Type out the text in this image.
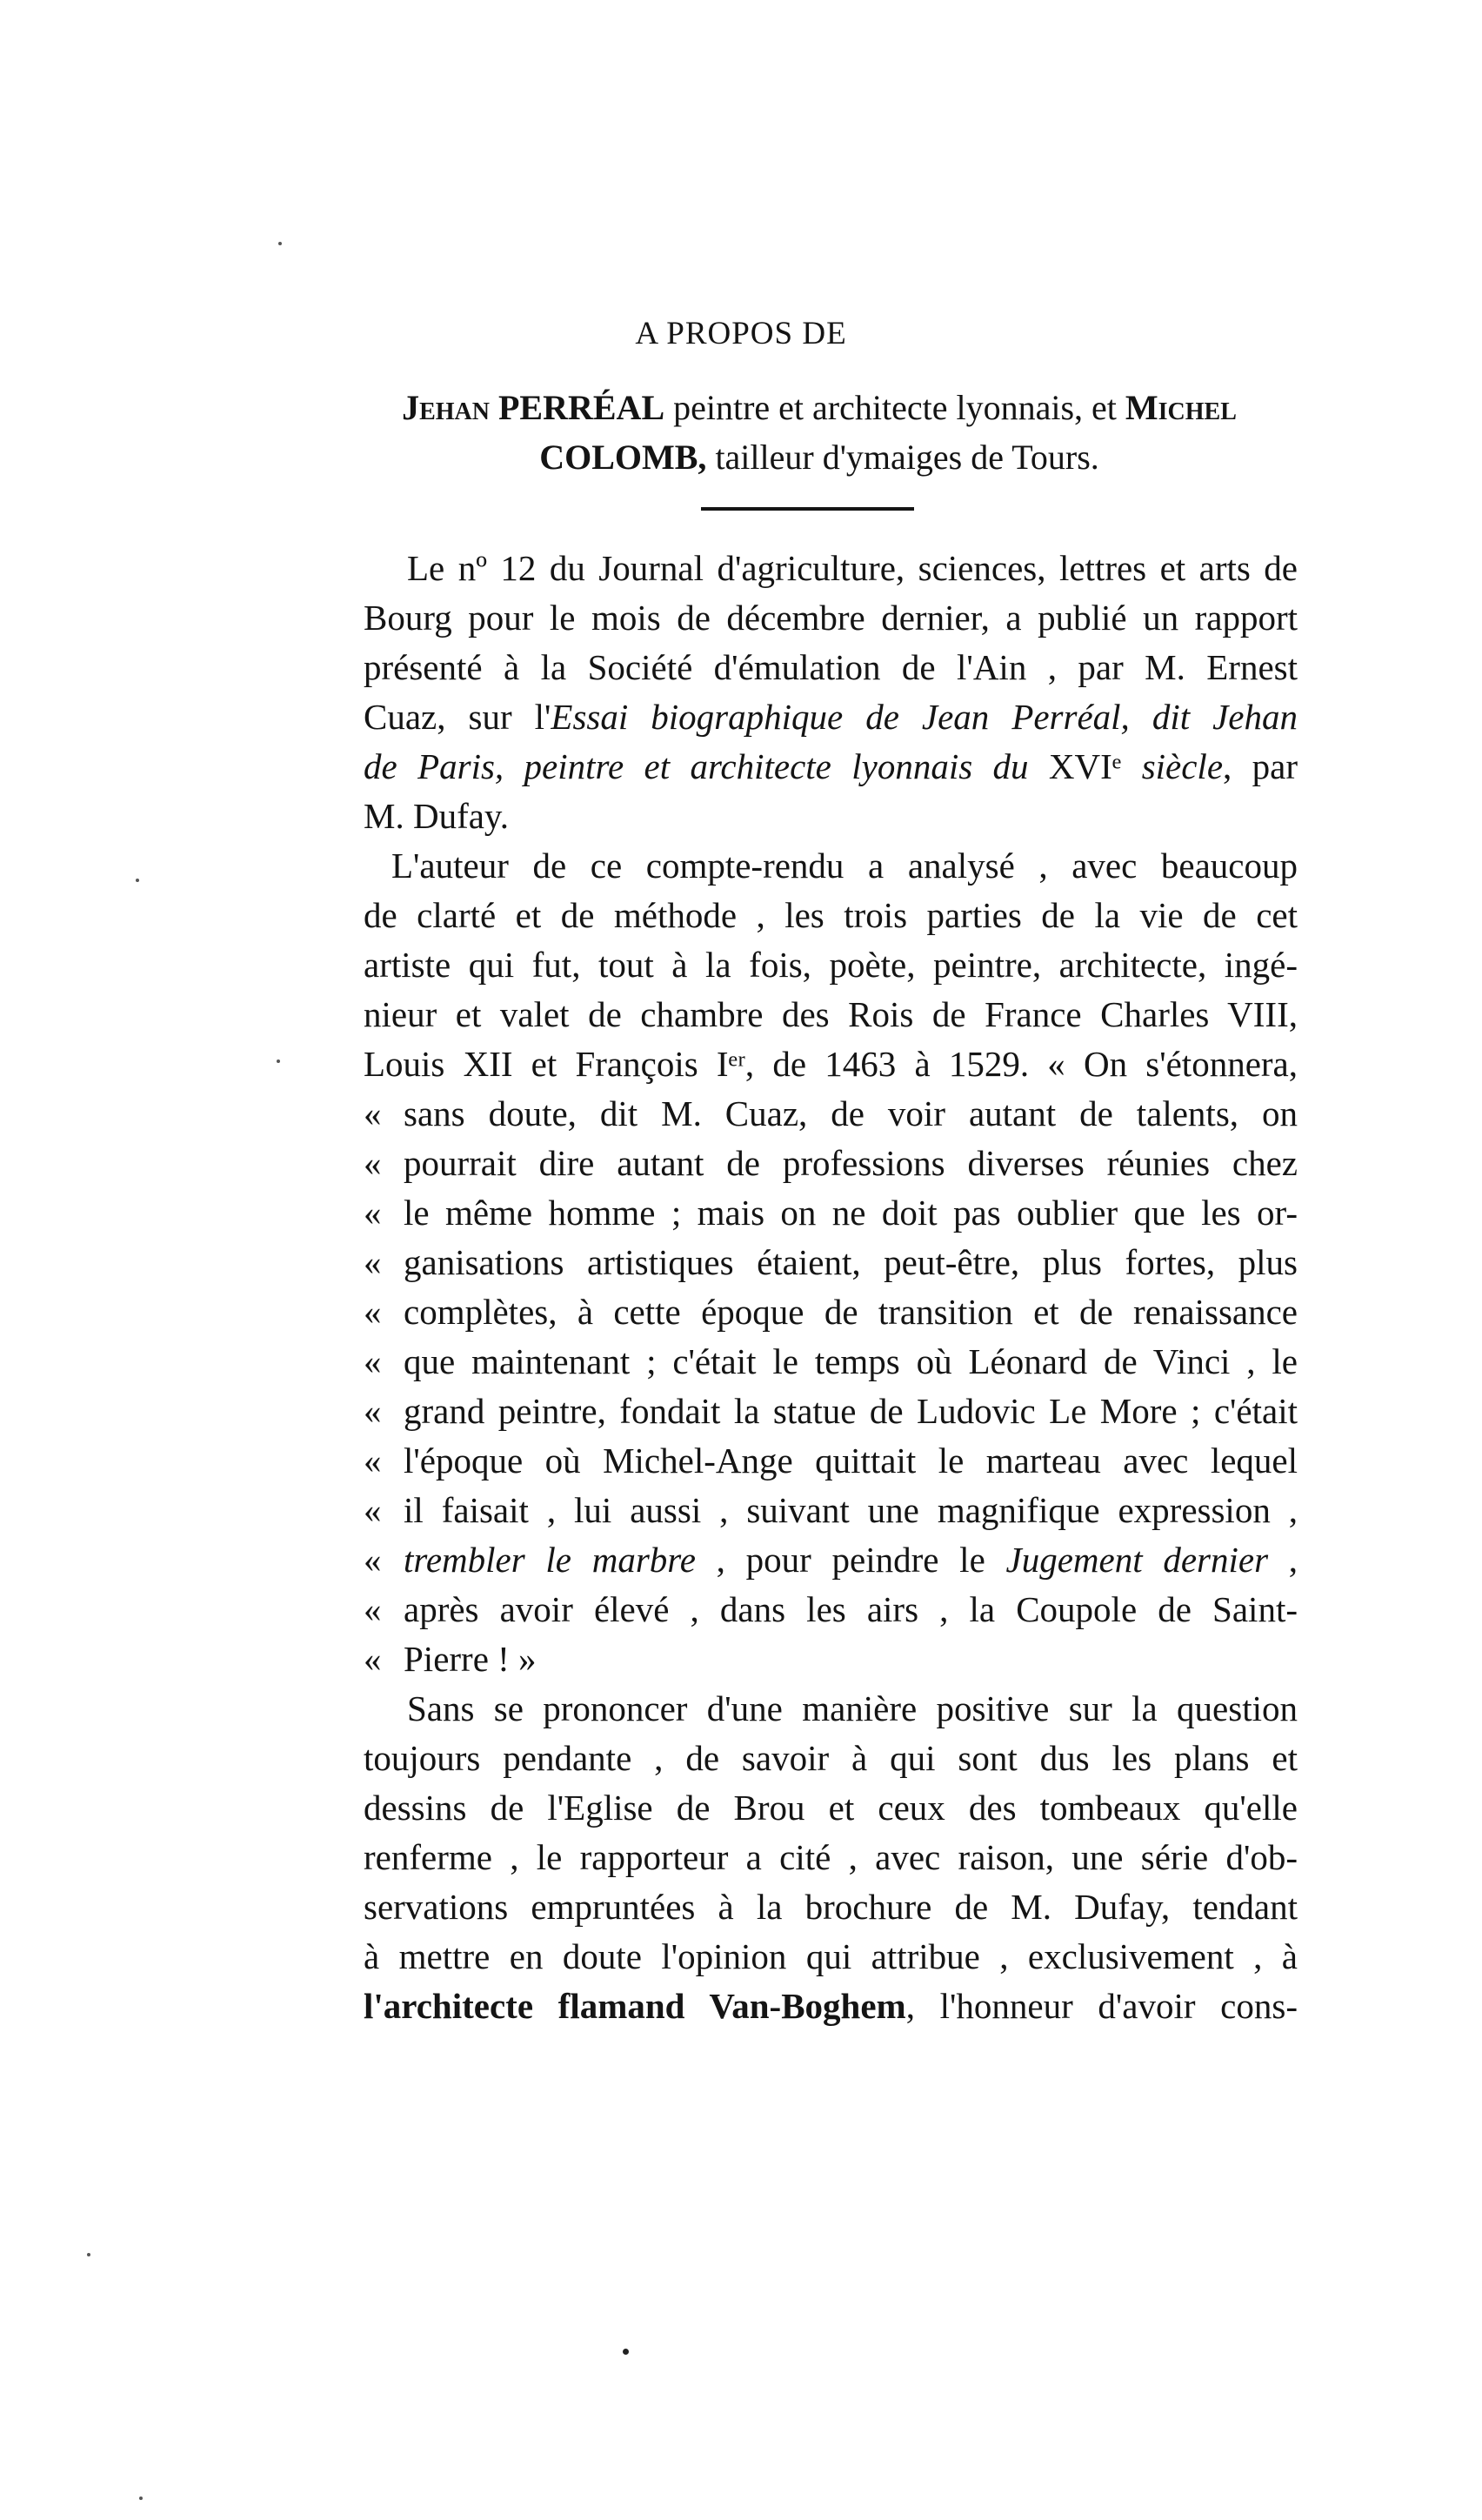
A PROPOS DE
Jehan PERRÉAL peintre et architecte lyonnais, et Michel
COLOMB, tailleur d'ymaiges de Tours.
Le nº 12 du Journal d'agriculture, sciences, lettres et arts de
Bourg pour le mois de décembre dernier, a publié un rapport
présenté à la Société d'émulation de l'Ain , par M. Ernest
Cuaz, sur l'Essai biographique de Jean Perréal, dit Jehan
de Paris, peintre et architecte lyonnais du XVIᵉ siècle, par
M. Dufay.
L'auteur de ce compte-rendu a analysé , avec beaucoup
de clarté et de méthode , les trois parties de la vie de cet
artiste qui fut, tout à la fois, poète, peintre, architecte, ingé-
nieur et valet de chambre des Rois de France Charles VIII,
Louis XII et François Iᵉʳ, de 1463 à 1529. « On s'étonnera,
« sans doute, dit M. Cuaz, de voir autant de talents, on
« pourrait dire autant de professions diverses réunies chez
« le même homme ; mais on ne doit pas oublier que les or-
« ganisations artistiques étaient, peut-être, plus fortes, plus
« complètes, à cette époque de transition et de renaissance
« que maintenant ; c'était le temps où Léonard de Vinci , le
« grand peintre, fondait la statue de Ludovic Le More ; c'était
« l'époque où Michel-Ange quittait le marteau avec lequel
« il faisait , lui aussi , suivant une magnifique expression ,
« trembler le marbre , pour peindre le Jugement dernier ,
« après avoir élevé , dans les airs , la Coupole de Saint-
« Pierre ! »
Sans se prononcer d'une manière positive sur la question
toujours pendante , de savoir à qui sont dus les plans et
dessins de l'Eglise de Brou et ceux des tombeaux qu'elle
renferme , le rapporteur a cité , avec raison, une série d'ob-
servations empruntées à la brochure de M. Dufay, tendant
à mettre en doute l'opinion qui attribue , exclusivement , à
l'architecte flamand Van-Boghem, l'honneur d'avoir cons-
